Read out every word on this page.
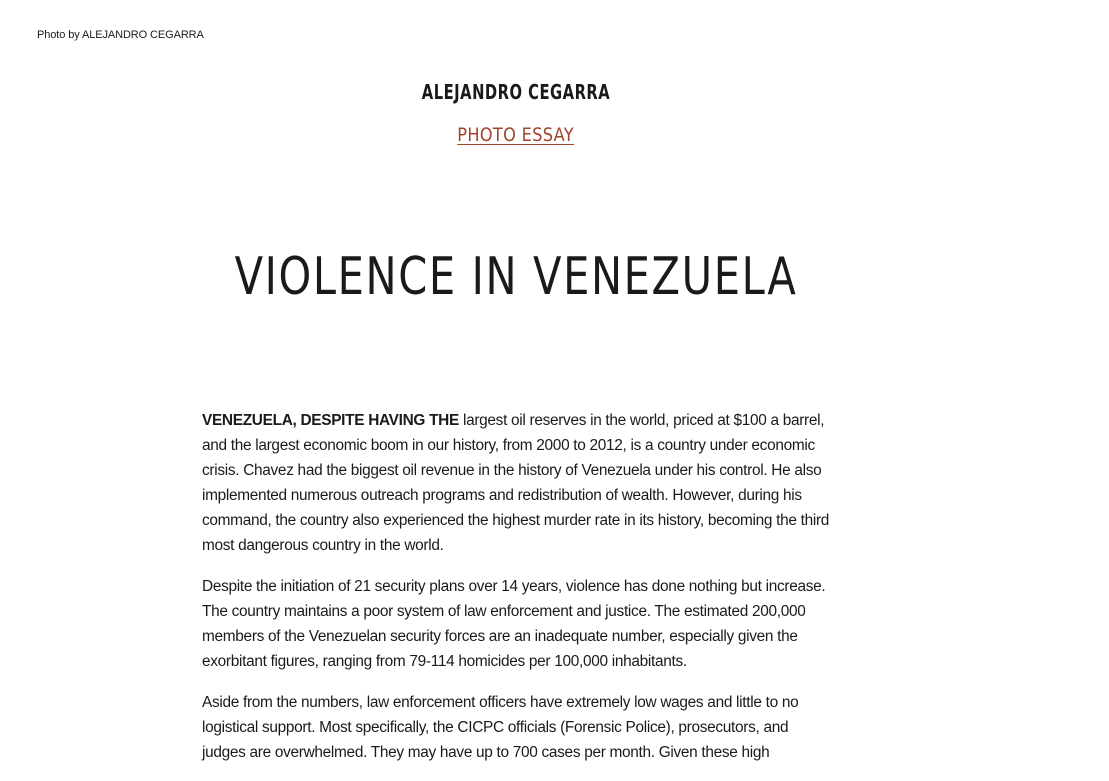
Photo by ALEJANDRO CEGARRA
ALEJANDRO CEGARRA
PHOTO ESSAY
VIOLENCE IN VENEZUELA

VENEZUELA, DESPITE HAVING THE largest oil reserves in the world, priced at $100 a barrel, and the largest economic boom in our history, from 2000 to 2012, is a country under economic crisis. Chavez had the biggest oil revenue in the history of Venezuela under his control. He also implemented numerous outreach programs and redistribution of wealth. However, during his command, the country also experienced the highest murder rate in its history, becoming the third most dangerous country in the world.

Despite the initiation of 21 security plans over 14 years, violence has done nothing but increase. The country maintains a poor system of law enforcement and justice. The estimated 200,000 members of the Venezuelan security forces are an inadequate number, especially given the exorbitant figures, ranging from 79-114 homicides per 100,000 inhabitants.

Aside from the numbers, law enforcement officers have extremely low wages and little to no logistical support. Most specifically, the CICPC officials (Forensic Police), prosecutors, and judges are overwhelmed. They may have up to 700 cases per month. Given these high
